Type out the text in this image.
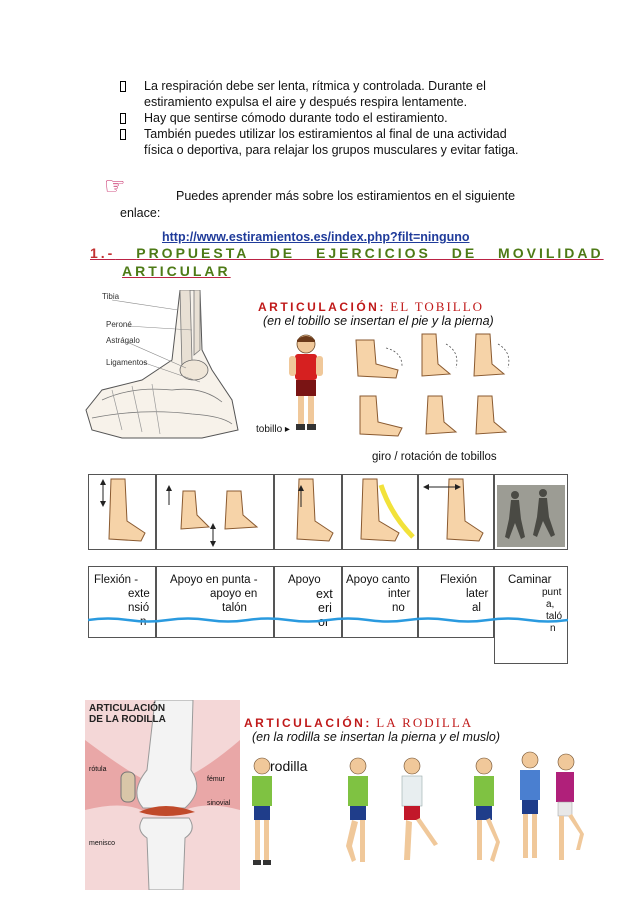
La respiración debe ser lenta, rítmica y controlada. Durante el
estiramiento expulsa el aire y después respira lentamente.
Hay que sentirse cómodo durante todo el estiramiento.
También puedes utilizar los estiramientos al final de una actividad
física o deportiva, para relajar los grupos musculares y evitar fatiga.
☞	Puedes aprender más sobre los estiramientos en el siguiente
enlace:
http://www.estiramientos.es/index.php?filt=ninguno
1.- PROPUESTA DE EJERCICIOS DE MOVILIDAD
ARTICULAR
Tibia
Peroné
Astrágalo
Ligamentos
ARTICULACIÓN: EL TOBILLO
(en el tobillo se insertan el pie y la pierna)
tobillo ▸
giro / rotación de tobillos
Flexión -
exte
nsió
n
Apoyo en punta -
apoyo en
talón
Apoyo
ext
eri
or
Apoyo canto
inter
no
Flexión
later
al
Caminar
punt
a,
taló
n
ARTICULACIÓN
DE LA RODILLA
rótula
fémur
sinovial
menisco
ARTICULACIÓN: LA RODILLA
(en la rodilla se insertan la pierna y el muslo)
rodilla
